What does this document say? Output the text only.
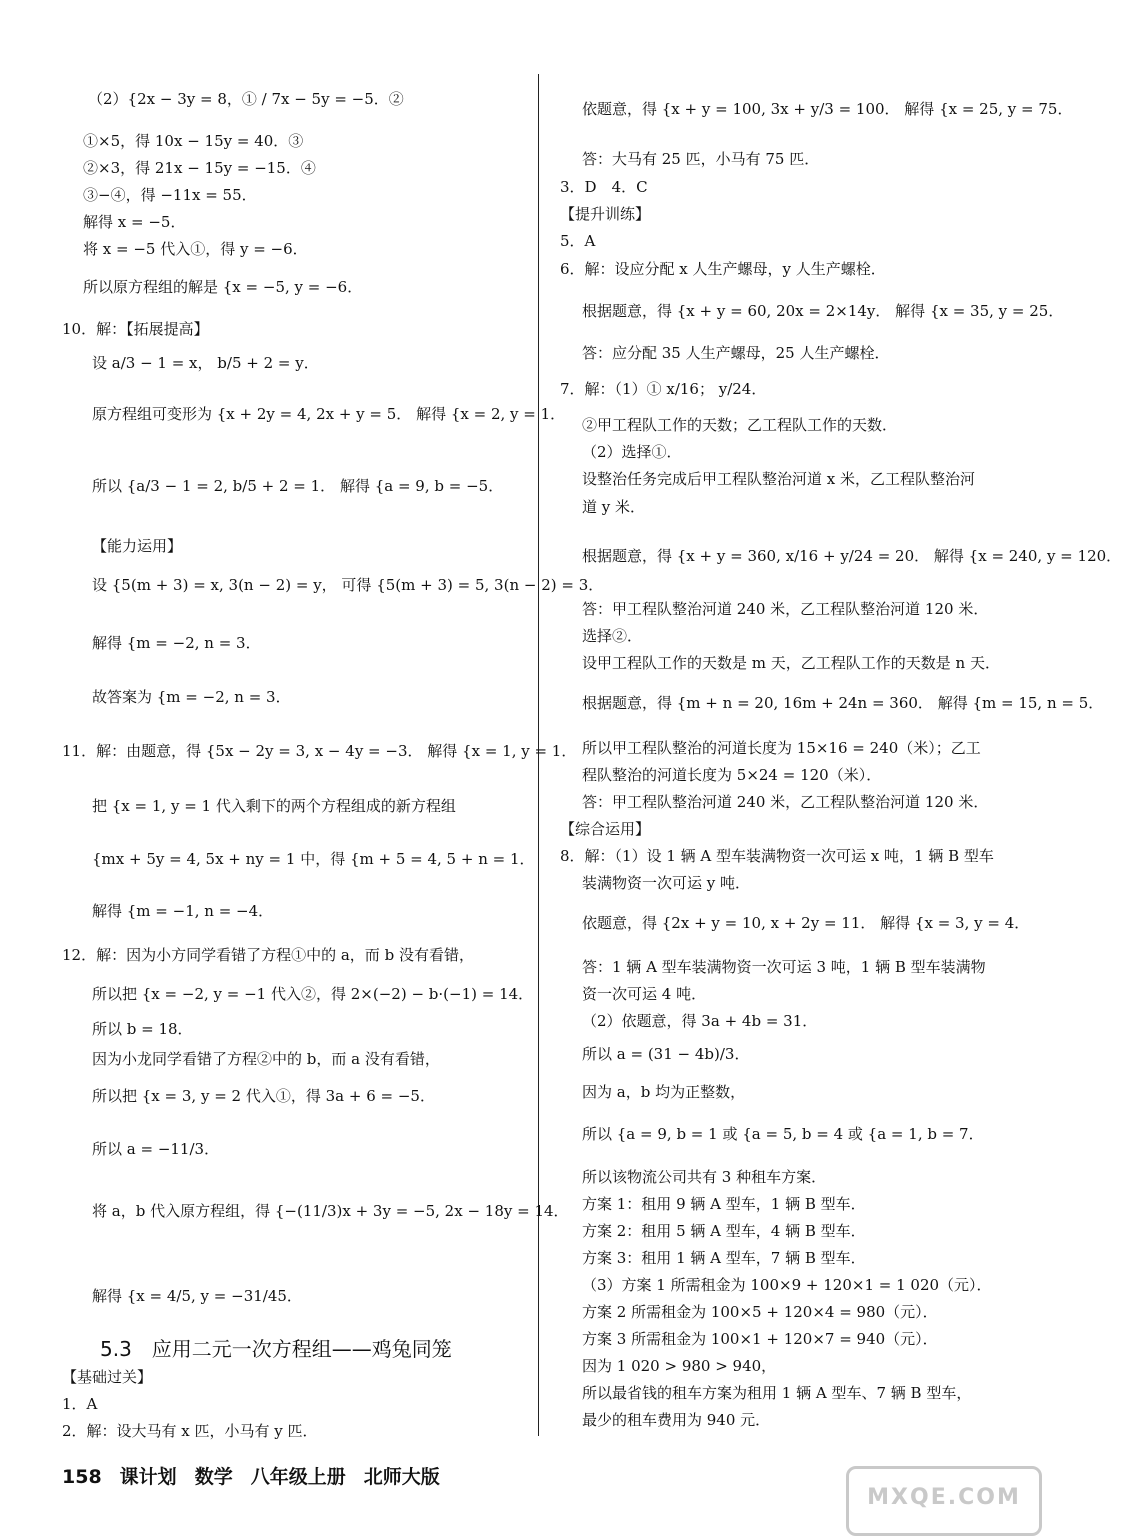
（2）{2x − 3y = 8，① / 7x − 5y = −5．②
①×5，得 10x − 15y = 40．③
②×3，得 21x − 15y = −15．④
③−④，得 −11x = 55．
解得 x = −5．
将 x = −5 代入①，得 y = −6．
所以原方程组的解是 {x = −5, y = −6．
10．解：【拓展提高】
设 a/3 − 1 = x， b/5 + 2 = y．
原方程组可变形为 {x + 2y = 4, 2x + y = 5． 解得 {x = 2, y = 1．
所以 {a/3 − 1 = 2, b/5 + 2 = 1． 解得 {a = 9, b = −5．
【能力运用】
设 {5(m + 3) = x, 3(n − 2) = y， 可得 {5(m + 3) = 5, 3(n − 2) = 3．
解得 {m = −2, n = 3．
故答案为 {m = −2, n = 3．
11．解：由题意，得 {5x − 2y = 3, x − 4y = −3． 解得 {x = 1, y = 1．
把 {x = 1, y = 1 代入剩下的两个方程组成的新方程组
{mx + 5y = 4, 5x + ny = 1 中，得 {m + 5 = 4, 5 + n = 1．
解得 {m = −1, n = −4．
12．解：因为小方同学看错了方程①中的 a，而 b 没有看错，
所以把 {x = −2, y = −1 代入②，得 2×(−2) − b·(−1) = 14．
所以 b = 18．
因为小龙同学看错了方程②中的 b，而 a 没有看错，
所以把 {x = 3, y = 2 代入①，得 3a + 6 = −5．
所以 a = −11/3．
将 a，b 代入原方程组，得 {−(11/3)x + 3y = −5, 2x − 18y = 14．
解得 {x = 4/5, y = −31/45．
5.3　应用二元一次方程组——鸡兔同笼
【基础过关】
1．A
2．解：设大马有 x 匹，小马有 y 匹．
依题意，得 {x + y = 100, 3x + y/3 = 100． 解得 {x = 25, y = 75．
答：大马有 25 匹，小马有 75 匹．
3．D　4．C
【提升训练】
5．A
6．解：设应分配 x 人生产螺母，y 人生产螺栓．
根据题意，得 {x + y = 60, 20x = 2×14y． 解得 {x = 35, y = 25．
答：应分配 35 人生产螺母，25 人生产螺栓．
7．解：（1）① x/16； y/24．
②甲工程队工作的天数；乙工程队工作的天数．
（2）选择①．
设整治任务完成后甲工程队整治河道 x 米，乙工程队整治河
道 y 米．
根据题意，得 {x + y = 360, x/16 + y/24 = 20． 解得 {x = 240, y = 120．
答：甲工程队整治河道 240 米，乙工程队整治河道 120 米．
选择②．
设甲工程队工作的天数是 m 天，乙工程队工作的天数是 n 天．
根据题意，得 {m + n = 20, 16m + 24n = 360． 解得 {m = 15, n = 5．
所以甲工程队整治的河道长度为 15×16 = 240（米）；乙工
程队整治的河道长度为 5×24 = 120（米）．
答：甲工程队整治河道 240 米，乙工程队整治河道 120 米．
【综合运用】
8．解：（1）设 1 辆 A 型车装满物资一次可运 x 吨，1 辆 B 型车
装满物资一次可运 y 吨．
依题意，得 {2x + y = 10, x + 2y = 11． 解得 {x = 3, y = 4．
答：1 辆 A 型车装满物资一次可运 3 吨，1 辆 B 型车装满物
资一次可运 4 吨．
（2）依题意，得 3a + 4b = 31．
所以 a = (31 − 4b)/3．
因为 a，b 均为正整数，
所以 {a = 9, b = 1 或 {a = 5, b = 4 或 {a = 1, b = 7．
所以该物流公司共有 3 种租车方案．
方案 1：租用 9 辆 A 型车，1 辆 B 型车．
方案 2：租用 5 辆 A 型车，4 辆 B 型车．
方案 3：租用 1 辆 A 型车，7 辆 B 型车．
（3）方案 1 所需租金为 100×9 + 120×1 = 1 020（元）．
方案 2 所需租金为 100×5 + 120×4 = 980（元）．
方案 3 所需租金为 100×1 + 120×7 = 940（元）．
因为 1 020 > 980 > 940，
所以最省钱的租车方案为租用 1 辆 A 型车、7 辆 B 型车，
最少的租车费用为 940 元．
158 课计划 数学 八年级上册 北师大版
MXQE.COM
